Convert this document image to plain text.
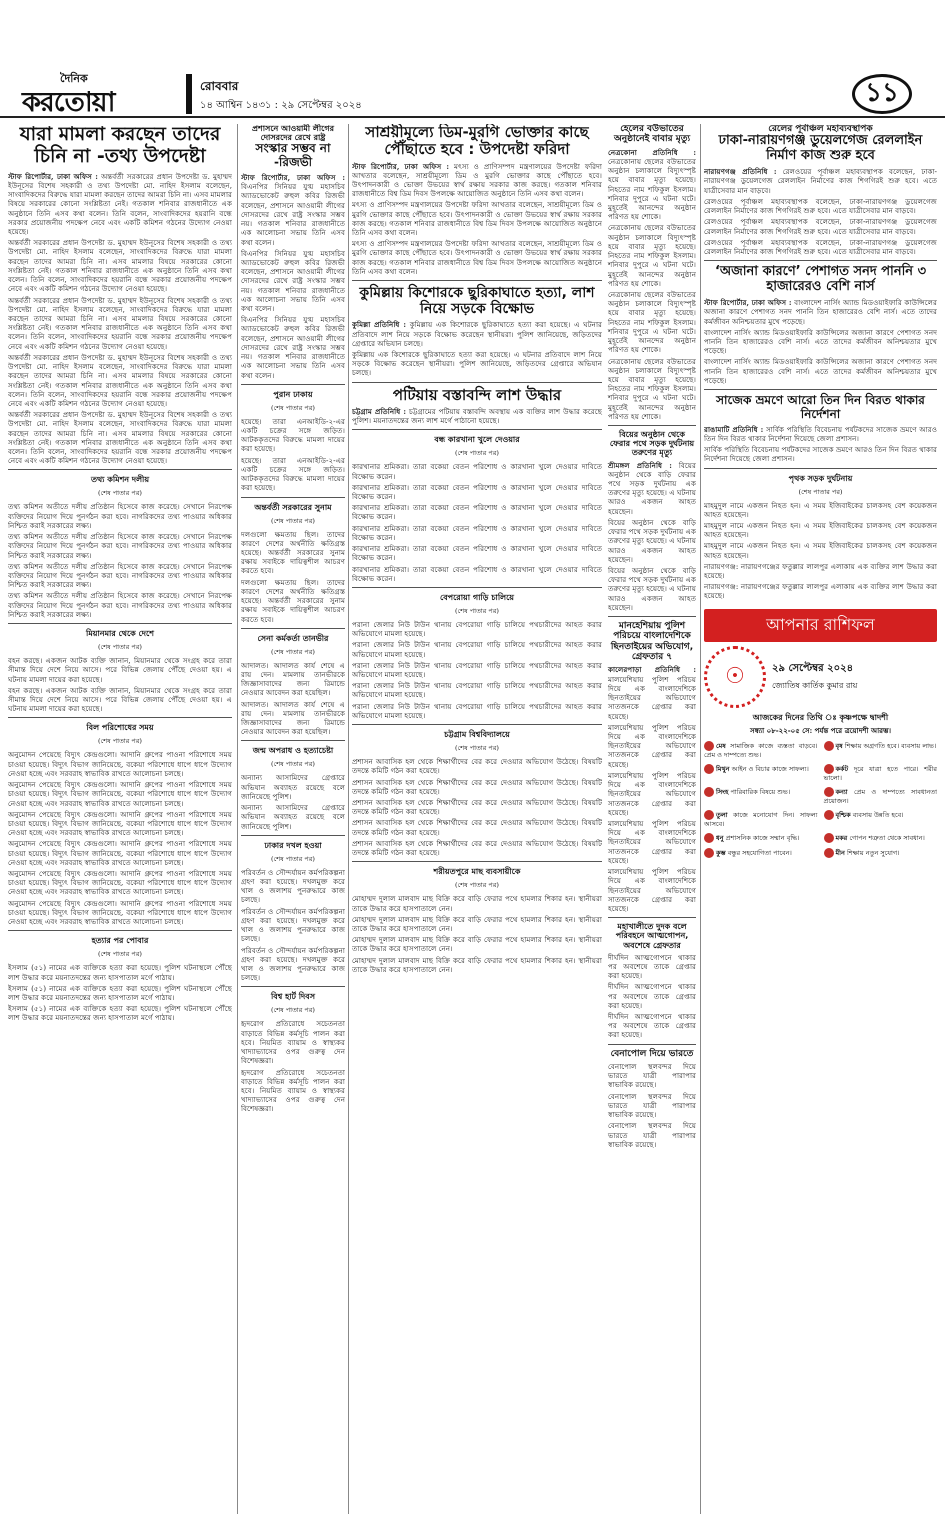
দৈনিক
করতোয়া
রোববার
১৪ আশ্বিন ১৪৩১ : ২৯ সেপ্টেম্বর ২০২৪	১১
যারা মামলা করছেন তাদের চিনি না -তথ্য উপদেষ্টা

স্টাফ রিপোর্টার, ঢাকা অফিস : অন্তর্বর্তী সরকারের প্রধান উপদেষ্টা ড. মুহাম্মদ ইউনূসের বিশেষ সহকারী ও তথ্য উপদেষ্টা মো. নাহিদ ইসলাম বলেছেন, সাংবাদিকদের বিরুদ্ধে যারা মামলা করছেন তাদের আমরা চিনি না। এসব মামলার বিষয়ে সরকারের কোনো সংশ্লিষ্টতা নেই। গতকাল শনিবার রাজধানীতে এক অনুষ্ঠানে তিনি এসব কথা বলেন। তিনি বলেন, সাংবাদিকদের হয়রানি বন্ধে সরকার প্রয়োজনীয় পদক্ষেপ নেবে এবং একটি কমিশন গঠনের উদ্যোগ নেওয়া হয়েছে।

অন্তর্বর্তী সরকারের প্রধান উপদেষ্টা ড. মুহাম্মদ ইউনূসের বিশেষ সহকারী ও তথ্য উপদেষ্টা মো. নাহিদ ইসলাম বলেছেন, সাংবাদিকদের বিরুদ্ধে যারা মামলা করছেন তাদের আমরা চিনি না। এসব মামলার বিষয়ে সরকারের কোনো সংশ্লিষ্টতা নেই। গতকাল শনিবার রাজধানীতে এক অনুষ্ঠানে তিনি এসব কথা বলেন। তিনি বলেন, সাংবাদিকদের হয়রানি বন্ধে সরকার প্রয়োজনীয় পদক্ষেপ নেবে এবং একটি কমিশন গঠনের উদ্যোগ নেওয়া হয়েছে।

অন্তর্বর্তী সরকারের প্রধান উপদেষ্টা ড. মুহাম্মদ ইউনূসের বিশেষ সহকারী ও তথ্য উপদেষ্টা মো. নাহিদ ইসলাম বলেছেন, সাংবাদিকদের বিরুদ্ধে যারা মামলা করছেন তাদের আমরা চিনি না। এসব মামলার বিষয়ে সরকারের কোনো সংশ্লিষ্টতা নেই। গতকাল শনিবার রাজধানীতে এক অনুষ্ঠানে তিনি এসব কথা বলেন। তিনি বলেন, সাংবাদিকদের হয়রানি বন্ধে সরকার প্রয়োজনীয় পদক্ষেপ নেবে এবং একটি কমিশন গঠনের উদ্যোগ নেওয়া হয়েছে।

অন্তর্বর্তী সরকারের প্রধান উপদেষ্টা ড. মুহাম্মদ ইউনূসের বিশেষ সহকারী ও তথ্য উপদেষ্টা মো. নাহিদ ইসলাম বলেছেন, সাংবাদিকদের বিরুদ্ধে যারা মামলা করছেন তাদের আমরা চিনি না। এসব মামলার বিষয়ে সরকারের কোনো সংশ্লিষ্টতা নেই। গতকাল শনিবার রাজধানীতে এক অনুষ্ঠানে তিনি এসব কথা বলেন। তিনি বলেন, সাংবাদিকদের হয়রানি বন্ধে সরকার প্রয়োজনীয় পদক্ষেপ নেবে এবং একটি কমিশন গঠনের উদ্যোগ নেওয়া হয়েছে।

অন্তর্বর্তী সরকারের প্রধান উপদেষ্টা ড. মুহাম্মদ ইউনূসের বিশেষ সহকারী ও তথ্য উপদেষ্টা মো. নাহিদ ইসলাম বলেছেন, সাংবাদিকদের বিরুদ্ধে যারা মামলা করছেন তাদের আমরা চিনি না। এসব মামলার বিষয়ে সরকারের কোনো সংশ্লিষ্টতা নেই। গতকাল শনিবার রাজধানীতে এক অনুষ্ঠানে তিনি এসব কথা বলেন। তিনি বলেন, সাংবাদিকদের হয়রানি বন্ধে সরকার প্রয়োজনীয় পদক্ষেপ নেবে এবং একটি কমিশন গঠনের উদ্যোগ নেওয়া হয়েছে।

তথ্য কমিশন দলীয়
(শেষ পাতার পর)

তথ্য কমিশন অতীতে দলীয় প্রতিষ্ঠান হিসেবে কাজ করেছে। সেখানে নিরপেক্ষ ব্যক্তিদের নিয়োগ দিয়ে পুনর্গঠন করা হবে। নাগরিকদের তথ্য পাওয়ার অধিকার নিশ্চিত করাই সরকারের লক্ষ্য।

তথ্য কমিশন অতীতে দলীয় প্রতিষ্ঠান হিসেবে কাজ করেছে। সেখানে নিরপেক্ষ ব্যক্তিদের নিয়োগ দিয়ে পুনর্গঠন করা হবে। নাগরিকদের তথ্য পাওয়ার অধিকার নিশ্চিত করাই সরকারের লক্ষ্য।

তথ্য কমিশন অতীতে দলীয় প্রতিষ্ঠান হিসেবে কাজ করেছে। সেখানে নিরপেক্ষ ব্যক্তিদের নিয়োগ দিয়ে পুনর্গঠন করা হবে। নাগরিকদের তথ্য পাওয়ার অধিকার নিশ্চিত করাই সরকারের লক্ষ্য।

তথ্য কমিশন অতীতে দলীয় প্রতিষ্ঠান হিসেবে কাজ করেছে। সেখানে নিরপেক্ষ ব্যক্তিদের নিয়োগ দিয়ে পুনর্গঠন করা হবে। নাগরিকদের তথ্য পাওয়ার অধিকার নিশ্চিত করাই সরকারের লক্ষ্য।

মিয়ানমার থেকে দেশে
(শেষ পাতার পর)

বহন করছে। একজন আটক ব্যক্তি জানান, মিয়ানমার থেকে সংগ্রহ করে তারা সীমান্ত দিয়ে দেশে নিয়ে আসে। পরে বিভিন্ন জেলায় পৌঁছে দেওয়া হয়। এ ঘটনায় মামলা দায়ের করা হয়েছে।

বহন করছে। একজন আটক ব্যক্তি জানান, মিয়ানমার থেকে সংগ্রহ করে তারা সীমান্ত দিয়ে দেশে নিয়ে আসে। পরে বিভিন্ন জেলায় পৌঁছে দেওয়া হয়। এ ঘটনায় মামলা দায়ের করা হয়েছে।

বিল পরিশোধের সময়
(শেষ পাতার পর)

অনুমোদন পেয়েছে বিদ্যুৎ কেন্দ্রগুলো। আদানি গ্রুপের পাওনা পরিশোধে সময় চাওয়া হয়েছে। বিদ্যুৎ বিভাগ জানিয়েছে, বকেয়া পরিশোধে ধাপে ধাপে উদ্যোগ নেওয়া হচ্ছে এবং সরবরাহ স্বাভাবিক রাখতে আলোচনা চলছে।

অনুমোদন পেয়েছে বিদ্যুৎ কেন্দ্রগুলো। আদানি গ্রুপের পাওনা পরিশোধে সময় চাওয়া হয়েছে। বিদ্যুৎ বিভাগ জানিয়েছে, বকেয়া পরিশোধে ধাপে ধাপে উদ্যোগ নেওয়া হচ্ছে এবং সরবরাহ স্বাভাবিক রাখতে আলোচনা চলছে।

অনুমোদন পেয়েছে বিদ্যুৎ কেন্দ্রগুলো। আদানি গ্রুপের পাওনা পরিশোধে সময় চাওয়া হয়েছে। বিদ্যুৎ বিভাগ জানিয়েছে, বকেয়া পরিশোধে ধাপে ধাপে উদ্যোগ নেওয়া হচ্ছে এবং সরবরাহ স্বাভাবিক রাখতে আলোচনা চলছে।

অনুমোদন পেয়েছে বিদ্যুৎ কেন্দ্রগুলো। আদানি গ্রুপের পাওনা পরিশোধে সময় চাওয়া হয়েছে। বিদ্যুৎ বিভাগ জানিয়েছে, বকেয়া পরিশোধে ধাপে ধাপে উদ্যোগ নেওয়া হচ্ছে এবং সরবরাহ স্বাভাবিক রাখতে আলোচনা চলছে।

অনুমোদন পেয়েছে বিদ্যুৎ কেন্দ্রগুলো। আদানি গ্রুপের পাওনা পরিশোধে সময় চাওয়া হয়েছে। বিদ্যুৎ বিভাগ জানিয়েছে, বকেয়া পরিশোধে ধাপে ধাপে উদ্যোগ নেওয়া হচ্ছে এবং সরবরাহ স্বাভাবিক রাখতে আলোচনা চলছে।

অনুমোদন পেয়েছে বিদ্যুৎ কেন্দ্রগুলো। আদানি গ্রুপের পাওনা পরিশোধে সময় চাওয়া হয়েছে। বিদ্যুৎ বিভাগ জানিয়েছে, বকেয়া পরিশোধে ধাপে ধাপে উদ্যোগ নেওয়া হচ্ছে এবং সরবরাহ স্বাভাবিক রাখতে আলোচনা চলছে।

হত্যার পর পোবার
(শেষ পাতার পর)

ইসলাম (৫১) নামের এক ব্যক্তিকে হত্যা করা হয়েছে। পুলিশ ঘটনাস্থলে পৌঁছে লাশ উদ্ধার করে ময়নাতদন্তের জন্য হাসপাতাল মর্গে পাঠায়।

ইসলাম (৫১) নামের এক ব্যক্তিকে হত্যা করা হয়েছে। পুলিশ ঘটনাস্থলে পৌঁছে লাশ উদ্ধার করে ময়নাতদন্তের জন্য হাসপাতাল মর্গে পাঠায়।

ইসলাম (৫১) নামের এক ব্যক্তিকে হত্যা করা হয়েছে। পুলিশ ঘটনাস্থলে পৌঁছে লাশ উদ্ধার করে ময়নাতদন্তের জন্য হাসপাতাল মর্গে পাঠায়।

প্রশাসনে আওয়ামী লীগের দোসরদের রেখে রাষ্ট্র
সংস্কার সম্ভব না -রিজভী

স্টাফ রিপোর্টার, ঢাকা অফিস : বিএনপির সিনিয়র যুগ্ম মহাসচিব অ্যাডভোকেট রুহুল কবির রিজভী বলেছেন, প্রশাসনে আওয়ামী লীগের দোসরদের রেখে রাষ্ট্র সংস্কার সম্ভব নয়। গতকাল শনিবার রাজধানীতে এক আলোচনা সভায় তিনি এসব কথা বলেন।

বিএনপির সিনিয়র যুগ্ম মহাসচিব অ্যাডভোকেট রুহুল কবির রিজভী বলেছেন, প্রশাসনে আওয়ামী লীগের দোসরদের রেখে রাষ্ট্র সংস্কার সম্ভব নয়। গতকাল শনিবার রাজধানীতে এক আলোচনা সভায় তিনি এসব কথা বলেন।

বিএনপির সিনিয়র যুগ্ম মহাসচিব অ্যাডভোকেট রুহুল কবির রিজভী বলেছেন, প্রশাসনে আওয়ামী লীগের দোসরদের রেখে রাষ্ট্র সংস্কার সম্ভব নয়। গতকাল শনিবার রাজধানীতে এক আলোচনা সভায় তিনি এসব কথা বলেন।

পুরান ঢাকায়
(শেষ পাতার পর)

হয়েছে। তারা এনআইডি-২-এর একটি চক্রের সঙ্গে জড়িত। আটককৃতদের বিরুদ্ধে মামলা দায়ের করা হয়েছে।

হয়েছে। তারা এনআইডি-২-এর একটি চক্রের সঙ্গে জড়িত। আটককৃতদের বিরুদ্ধে মামলা দায়ের করা হয়েছে।

অন্তর্বর্তী সরকারের সুনাম
(শেষ পাতার পর)

দলগুলো ক্ষমতায় ছিল। তাদের কারণে দেশের অর্থনীতি ক্ষতিগ্রস্ত হয়েছে। অন্তর্বর্তী সরকারের সুনাম রক্ষায় সবাইকে দায়িত্বশীল আচরণ করতে হবে।

দলগুলো ক্ষমতায় ছিল। তাদের কারণে দেশের অর্থনীতি ক্ষতিগ্রস্ত হয়েছে। অন্তর্বর্তী সরকারের সুনাম রক্ষায় সবাইকে দায়িত্বশীল আচরণ করতে হবে।

সেনা কর্মকর্তা তানভীর
(শেষ পাতার পর)

আদালত। আদালত কার্য শেষে এ রায় দেন। মামলায় তানভীরকে জিজ্ঞাসাবাদের জন্য রিমান্ডে নেওয়ার আবেদন করা হয়েছিল।

আদালত। আদালত কার্য শেষে এ রায় দেন। মামলায় তানভীরকে জিজ্ঞাসাবাদের জন্য রিমান্ডে নেওয়ার আবেদন করা হয়েছিল।

জন্ম অপরাধ ও হত্যাচেষ্টা
(শেষ পাতার পর)

অন্যান্য আসামিদের গ্রেপ্তারে অভিযান অব্যাহত রয়েছে বলে জানিয়েছে পুলিশ।

অন্যান্য আসামিদের গ্রেপ্তারে অভিযান অব্যাহত রয়েছে বলে জানিয়েছে পুলিশ।

ঢাকার দখল হওয়া
(শেষ পাতার পর)

পরিবর্তন ও সৌন্দর্যায়ন কর্মপরিকল্পনা গ্রহণ করা হয়েছে। দখলমুক্ত করে খাল ও জলাশয় পুনরুদ্ধারে কাজ চলছে।

পরিবর্তন ও সৌন্দর্যায়ন কর্মপরিকল্পনা গ্রহণ করা হয়েছে। দখলমুক্ত করে খাল ও জলাশয় পুনরুদ্ধারে কাজ চলছে।

পরিবর্তন ও সৌন্দর্যায়ন কর্মপরিকল্পনা গ্রহণ করা হয়েছে। দখলমুক্ত করে খাল ও জলাশয় পুনরুদ্ধারে কাজ চলছে।

বিশ্ব হার্ট দিবস
(শেষ পাতার পর)

হৃদরোগ প্রতিরোধে সচেতনতা বাড়াতে বিভিন্ন কর্মসূচি পালন করা হবে। নিয়মিত ব্যায়াম ও স্বাস্থ্যকর খাদ্যাভ্যাসের ওপর গুরুত্ব দেন বিশেষজ্ঞরা।

হৃদরোগ প্রতিরোধে সচেতনতা বাড়াতে বিভিন্ন কর্মসূচি পালন করা হবে। নিয়মিত ব্যায়াম ও স্বাস্থ্যকর খাদ্যাভ্যাসের ওপর গুরুত্ব দেন বিশেষজ্ঞরা।

সাশ্রয়ীমূল্যে ডিম-মুরগি ভোক্তার কাছে পৌঁছাতে হবে : উপদেষ্টা ফরিদা

স্টাফ রিপোর্টার, ঢাকা অফিস : মৎস্য ও প্রাণিসম্পদ মন্ত্রণালয়ের উপদেষ্টা ফরিদা আখতার বলেছেন, সাশ্রয়ীমূল্যে ডিম ও মুরগি ভোক্তার কাছে পৌঁছাতে হবে। উৎপাদনকারী ও ভোক্তা উভয়ের স্বার্থ রক্ষায় সরকার কাজ করছে। গতকাল শনিবার রাজধানীতে বিশ্ব ডিম দিবস উপলক্ষে আয়োজিত অনুষ্ঠানে তিনি এসব কথা বলেন।

মৎস্য ও প্রাণিসম্পদ মন্ত্রণালয়ের উপদেষ্টা ফরিদা আখতার বলেছেন, সাশ্রয়ীমূল্যে ডিম ও মুরগি ভোক্তার কাছে পৌঁছাতে হবে। উৎপাদনকারী ও ভোক্তা উভয়ের স্বার্থ রক্ষায় সরকার কাজ করছে। গতকাল শনিবার রাজধানীতে বিশ্ব ডিম দিবস উপলক্ষে আয়োজিত অনুষ্ঠানে তিনি এসব কথা বলেন।

মৎস্য ও প্রাণিসম্পদ মন্ত্রণালয়ের উপদেষ্টা ফরিদা আখতার বলেছেন, সাশ্রয়ীমূল্যে ডিম ও মুরগি ভোক্তার কাছে পৌঁছাতে হবে। উৎপাদনকারী ও ভোক্তা উভয়ের স্বার্থ রক্ষায় সরকার কাজ করছে। গতকাল শনিবার রাজধানীতে বিশ্ব ডিম দিবস উপলক্ষে আয়োজিত অনুষ্ঠানে তিনি এসব কথা বলেন।

কুমিল্লায় কিশোরকে ছুরিকাঘাতে হত্যা, লাশ নিয়ে সড়কে বিক্ষোভ

কুমিল্লা প্রতিনিধি : কুমিল্লায় এক কিশোরকে ছুরিকাঘাতে হত্যা করা হয়েছে। এ ঘটনার প্রতিবাদে লাশ নিয়ে সড়কে বিক্ষোভ করেছেন স্থানীয়রা। পুলিশ জানিয়েছে, জড়িতদের গ্রেপ্তারে অভিযান চলছে।

কুমিল্লায় এক কিশোরকে ছুরিকাঘাতে হত্যা করা হয়েছে। এ ঘটনার প্রতিবাদে লাশ নিয়ে সড়কে বিক্ষোভ করেছেন স্থানীয়রা। পুলিশ জানিয়েছে, জড়িতদের গ্রেপ্তারে অভিযান চলছে।

পটিয়ায় বস্তাবন্দি লাশ উদ্ধার

চট্টগ্রাম প্রতিনিধি : চট্টগ্রামের পটিয়ায় বস্তাবন্দি অবস্থায় এক ব্যক্তির লাশ উদ্ধার করেছে পুলিশ। ময়নাতদন্তের জন্য লাশ মর্গে পাঠানো হয়েছে।

বন্ধ কারখানা খুলে দেওয়ার
(শেষ পাতার পর)

কারখানার শ্রমিকরা। তারা বকেয়া বেতন পরিশোধ ও কারখানা খুলে দেওয়ার দাবিতে বিক্ষোভ করেন।

কারখানার শ্রমিকরা। তারা বকেয়া বেতন পরিশোধ ও কারখানা খুলে দেওয়ার দাবিতে বিক্ষোভ করেন।

কারখানার শ্রমিকরা। তারা বকেয়া বেতন পরিশোধ ও কারখানা খুলে দেওয়ার দাবিতে বিক্ষোভ করেন।

কারখানার শ্রমিকরা। তারা বকেয়া বেতন পরিশোধ ও কারখানা খুলে দেওয়ার দাবিতে বিক্ষোভ করেন।

কারখানার শ্রমিকরা। তারা বকেয়া বেতন পরিশোধ ও কারখানা খুলে দেওয়ার দাবিতে বিক্ষোভ করেন।

কারখানার শ্রমিকরা। তারা বকেয়া বেতন পরিশোধ ও কারখানা খুলে দেওয়ার দাবিতে বিক্ষোভ করেন।

বেপরোয়া গাড়ি চালিয়ে
(শেষ পাতার পর)

পরানা জেলার নিউ টাউন থানায় বেপরোয়া গাড়ি চালিয়ে পথচারীদের আহত করার অভিযোগে মামলা হয়েছে।

পরানা জেলার নিউ টাউন থানায় বেপরোয়া গাড়ি চালিয়ে পথচারীদের আহত করার অভিযোগে মামলা হয়েছে।

পরানা জেলার নিউ টাউন থানায় বেপরোয়া গাড়ি চালিয়ে পথচারীদের আহত করার অভিযোগে মামলা হয়েছে।

পরানা জেলার নিউ টাউন থানায় বেপরোয়া গাড়ি চালিয়ে পথচারীদের আহত করার অভিযোগে মামলা হয়েছে।

পরানা জেলার নিউ টাউন থানায় বেপরোয়া গাড়ি চালিয়ে পথচারীদের আহত করার অভিযোগে মামলা হয়েছে।

চট্টগ্রাম বিশ্ববিদ্যালয়ে
(শেষ পাতার পর)

প্রশাসন আবাসিক হল থেকে শিক্ষার্থীদের বের করে দেওয়ার অভিযোগ উঠেছে। বিষয়টি তদন্তে কমিটি গঠন করা হয়েছে।

প্রশাসন আবাসিক হল থেকে শিক্ষার্থীদের বের করে দেওয়ার অভিযোগ উঠেছে। বিষয়টি তদন্তে কমিটি গঠন করা হয়েছে।

প্রশাসন আবাসিক হল থেকে শিক্ষার্থীদের বের করে দেওয়ার অভিযোগ উঠেছে। বিষয়টি তদন্তে কমিটি গঠন করা হয়েছে।

প্রশাসন আবাসিক হল থেকে শিক্ষার্থীদের বের করে দেওয়ার অভিযোগ উঠেছে। বিষয়টি তদন্তে কমিটি গঠন করা হয়েছে।

প্রশাসন আবাসিক হল থেকে শিক্ষার্থীদের বের করে দেওয়ার অভিযোগ উঠেছে। বিষয়টি তদন্তে কমিটি গঠন করা হয়েছে।

শরীয়তপুরে মাছ ব্যবসায়ীকে
(শেষ পাতার পর)

মোহাম্মদ দুলাল মালবাদ মাছ বিক্রি করে বাড়ি ফেরার পথে হামলার শিকার হন। স্থানীয়রা তাকে উদ্ধার করে হাসপাতালে নেন।

মোহাম্মদ দুলাল মালবাদ মাছ বিক্রি করে বাড়ি ফেরার পথে হামলার শিকার হন। স্থানীয়রা তাকে উদ্ধার করে হাসপাতালে নেন।

মোহাম্মদ দুলাল মালবাদ মাছ বিক্রি করে বাড়ি ফেরার পথে হামলার শিকার হন। স্থানীয়রা তাকে উদ্ধার করে হাসপাতালে নেন।

মোহাম্মদ দুলাল মালবাদ মাছ বিক্রি করে বাড়ি ফেরার পথে হামলার শিকার হন। স্থানীয়রা তাকে উদ্ধার করে হাসপাতালে নেন।

হেলের বউভাতের অনুষ্ঠানেই বাবার মৃত্যু

নেত্রকোনা প্রতিনিধি : নেত্রকোনায় ছেলের বউভাতের অনুষ্ঠান চলাকালে বিদ্যুৎস্পৃষ্ট হয়ে বাবার মৃত্যু হয়েছে। নিহতের নাম শফিকুল ইসলাম। শনিবার দুপুরে এ ঘটনা ঘটে। মুহূর্তেই আনন্দের অনুষ্ঠান পরিণত হয় শোকে।

নেত্রকোনায় ছেলের বউভাতের অনুষ্ঠান চলাকালে বিদ্যুৎস্পৃষ্ট হয়ে বাবার মৃত্যু হয়েছে। নিহতের নাম শফিকুল ইসলাম। শনিবার দুপুরে এ ঘটনা ঘটে। মুহূর্তেই আনন্দের অনুষ্ঠান পরিণত হয় শোকে।

নেত্রকোনায় ছেলের বউভাতের অনুষ্ঠান চলাকালে বিদ্যুৎস্পৃষ্ট হয়ে বাবার মৃত্যু হয়েছে। নিহতের নাম শফিকুল ইসলাম। শনিবার দুপুরে এ ঘটনা ঘটে। মুহূর্তেই আনন্দের অনুষ্ঠান পরিণত হয় শোকে।

নেত্রকোনায় ছেলের বউভাতের অনুষ্ঠান চলাকালে বিদ্যুৎস্পৃষ্ট হয়ে বাবার মৃত্যু হয়েছে। নিহতের নাম শফিকুল ইসলাম। শনিবার দুপুরে এ ঘটনা ঘটে। মুহূর্তেই আনন্দের অনুষ্ঠান পরিণত হয় শোকে।

বিয়ের অনুষ্ঠান থেকে ফেরার পথে সড়ক দুর্ঘটনায় তরুণের মৃত্যু

শ্রীমঙ্গল প্রতিনিধি : বিয়ের অনুষ্ঠান থেকে বাড়ি ফেরার পথে সড়ক দুর্ঘটনায় এক তরুণের মৃত্যু হয়েছে। এ ঘটনায় আরও একজন আহত হয়েছেন।

বিয়ের অনুষ্ঠান থেকে বাড়ি ফেরার পথে সড়ক দুর্ঘটনায় এক তরুণের মৃত্যু হয়েছে। এ ঘটনায় আরও একজন আহত হয়েছেন।

বিয়ের অনুষ্ঠান থেকে বাড়ি ফেরার পথে সড়ক দুর্ঘটনায় এক তরুণের মৃত্যু হয়েছে। এ ঘটনায় আরও একজন আহত হয়েছেন।

মানহেশিয়ায় পুলিশ পরিচয়ে বাংলাদেশিকে ছিনতাইয়ের অভিযোগ, গ্রেফতার ৭

কালেরপাড়া প্রতিনিধি : মালয়েশিয়ায় পুলিশ পরিচয় দিয়ে এক বাংলাদেশিকে ছিনতাইয়ের অভিযোগে সাতজনকে গ্রেপ্তার করা হয়েছে।

মালয়েশিয়ায় পুলিশ পরিচয় দিয়ে এক বাংলাদেশিকে ছিনতাইয়ের অভিযোগে সাতজনকে গ্রেপ্তার করা হয়েছে।

মালয়েশিয়ায় পুলিশ পরিচয় দিয়ে এক বাংলাদেশিকে ছিনতাইয়ের অভিযোগে সাতজনকে গ্রেপ্তার করা হয়েছে।

মালয়েশিয়ায় পুলিশ পরিচয় দিয়ে এক বাংলাদেশিকে ছিনতাইয়ের অভিযোগে সাতজনকে গ্রেপ্তার করা হয়েছে।

মালয়েশিয়ায় পুলিশ পরিচয় দিয়ে এক বাংলাদেশিকে ছিনতাইয়ের অভিযোগে সাতজনকে গ্রেপ্তার করা হয়েছে।

মহাখালীতে দুদক বলে পরিবহনে আত্মগোপন, অবশেষে গ্রেফতার

দীর্ঘদিন আত্মগোপনে থাকার পর অবশেষে তাকে গ্রেপ্তার করা হয়েছে।

দীর্ঘদিন আত্মগোপনে থাকার পর অবশেষে তাকে গ্রেপ্তার করা হয়েছে।

দীর্ঘদিন আত্মগোপনে থাকার পর অবশেষে তাকে গ্রেপ্তার করা হয়েছে।

বেনাপোল দিয়ে ভারতে

বেনাপোল স্থলবন্দর দিয়ে ভারতে যাত্রী পারাপার স্বাভাবিক রয়েছে।

বেনাপোল স্থলবন্দর দিয়ে ভারতে যাত্রী পারাপার স্বাভাবিক রয়েছে।

বেনাপোল স্থলবন্দর দিয়ে ভারতে যাত্রী পারাপার স্বাভাবিক রয়েছে।

রেলের পূর্বাঞ্চল মহাব্যবস্থাপক
ঢাকা-নারায়ণগঞ্জ ডুয়েলগেজ রেললাইন নির্মাণ কাজ শুরু হবে

নারায়ণগঞ্জ প্রতিনিধি : রেলওয়ের পূর্বাঞ্চল মহাব্যবস্থাপক বলেছেন, ঢাকা-নারায়ণগঞ্জ ডুয়েলগেজ রেললাইন নির্মাণের কাজ শিগগিরই শুরু হবে। এতে যাত্রীসেবার মান বাড়বে।

রেলওয়ের পূর্বাঞ্চল মহাব্যবস্থাপক বলেছেন, ঢাকা-নারায়ণগঞ্জ ডুয়েলগেজ রেললাইন নির্মাণের কাজ শিগগিরই শুরু হবে। এতে যাত্রীসেবার মান বাড়বে।

রেলওয়ের পূর্বাঞ্চল মহাব্যবস্থাপক বলেছেন, ঢাকা-নারায়ণগঞ্জ ডুয়েলগেজ রেললাইন নির্মাণের কাজ শিগগিরই শুরু হবে। এতে যাত্রীসেবার মান বাড়বে।

রেলওয়ের পূর্বাঞ্চল মহাব্যবস্থাপক বলেছেন, ঢাকা-নারায়ণগঞ্জ ডুয়েলগেজ রেললাইন নির্মাণের কাজ শিগগিরই শুরু হবে। এতে যাত্রীসেবার মান বাড়বে।

‘অজানা কারণে’ পেশাগত সনদ পাননি ৩ হাজারেরও বেশি নার্স

স্টাফ রিপোর্টার, ঢাকা অফিস : বাংলাদেশ নার্সিং অ্যান্ড মিডওয়াইফারি কাউন্সিলের অজানা কারণে পেশাগত সনদ পাননি তিন হাজারেরও বেশি নার্স। এতে তাদের কর্মজীবন অনিশ্চয়তার মুখে পড়েছে।

বাংলাদেশ নার্সিং অ্যান্ড মিডওয়াইফারি কাউন্সিলের অজানা কারণে পেশাগত সনদ পাননি তিন হাজারেরও বেশি নার্স। এতে তাদের কর্মজীবন অনিশ্চয়তার মুখে পড়েছে।

বাংলাদেশ নার্সিং অ্যান্ড মিডওয়াইফারি কাউন্সিলের অজানা কারণে পেশাগত সনদ পাননি তিন হাজারেরও বেশি নার্স। এতে তাদের কর্মজীবন অনিশ্চয়তার মুখে পড়েছে।

সাজেক ভ্রমণে আরো তিন দিন বিরত থাকার নির্দেশনা

রাঙামাটি প্রতিনিধি : সার্বিক পরিস্থিতি বিবেচনায় পর্যটকদের সাজেক ভ্রমণে আরও তিন দিন বিরত থাকার নির্দেশনা দিয়েছে জেলা প্রশাসন।

সার্বিক পরিস্থিতি বিবেচনায় পর্যটকদের সাজেক ভ্রমণে আরও তিন দিন বিরত থাকার নির্দেশনা দিয়েছে জেলা প্রশাসন।

পৃথক সড়ক দুর্ঘটনায়
(শেষ পাতার পর)

মাহমুদুল নামে একজন নিহত হন। এ সময় ইজিবাইকের চালকসহ বেশ কয়েকজন আহত হয়েছেন।

মাহমুদুল নামে একজন নিহত হন। এ সময় ইজিবাইকের চালকসহ বেশ কয়েকজন আহত হয়েছেন।

মাহমুদুল নামে একজন নিহত হন। এ সময় ইজিবাইকের চালকসহ বেশ কয়েকজন আহত হয়েছেন।

নারায়ণগঞ্জ: নারায়ণগঞ্জের ফতুল্লার লালপুর এলাকায় এক ব্যক্তির লাশ উদ্ধার করা হয়েছে।

নারায়ণগঞ্জ: নারায়ণগঞ্জের ফতুল্লার লালপুর এলাকায় এক ব্যক্তির লাশ উদ্ধার করা হয়েছে।

আপনার রাশিফল
☉	২৯ সেপ্টেম্বর ২০২৪
জ্যোতিষ কার্তিক কুমার রায়
আজকের দিনের তিথি ঃ কৃষ্ণপক্ষে দ্বাদশী
সন্ধ্যা ০৮-২২-০৫ সে: পর্যন্ত পরে ত্রয়োদশী আরম্ভ।
মেষ সামাজিক কাজে ব্যস্ততা বাড়বে। প্রেম ও দাম্পত্যে শুভ।
বৃষ শিক্ষায় অগ্রগতি হবে। ব্যবসায় লাভ।
মিথুন আইন ও বিচার কাজে সাফল্য।	কর্কট দূরে যাত্রা হতে পারে। শরীর ভালো।
সিংহ পারিবারিক বিষয়ে শুভ।	কন্যা প্রেম ও দাম্পত্যে সাবধানতা প্রয়োজন।
তুলা কাজে মনোযোগ দিন। সাফল্য আসবে।
বৃশ্চিক ব্যবসায় উন্নতি হবে।
ধনু প্রশাসনিক কাজে সম্মান বৃদ্ধি।	মকর গোপন শত্রুতা থেকে সাবধান।
কুম্ভ বন্ধুর সহযোগিতা পাবেন।	মীন শিক্ষায় নতুন সুযোগ।
